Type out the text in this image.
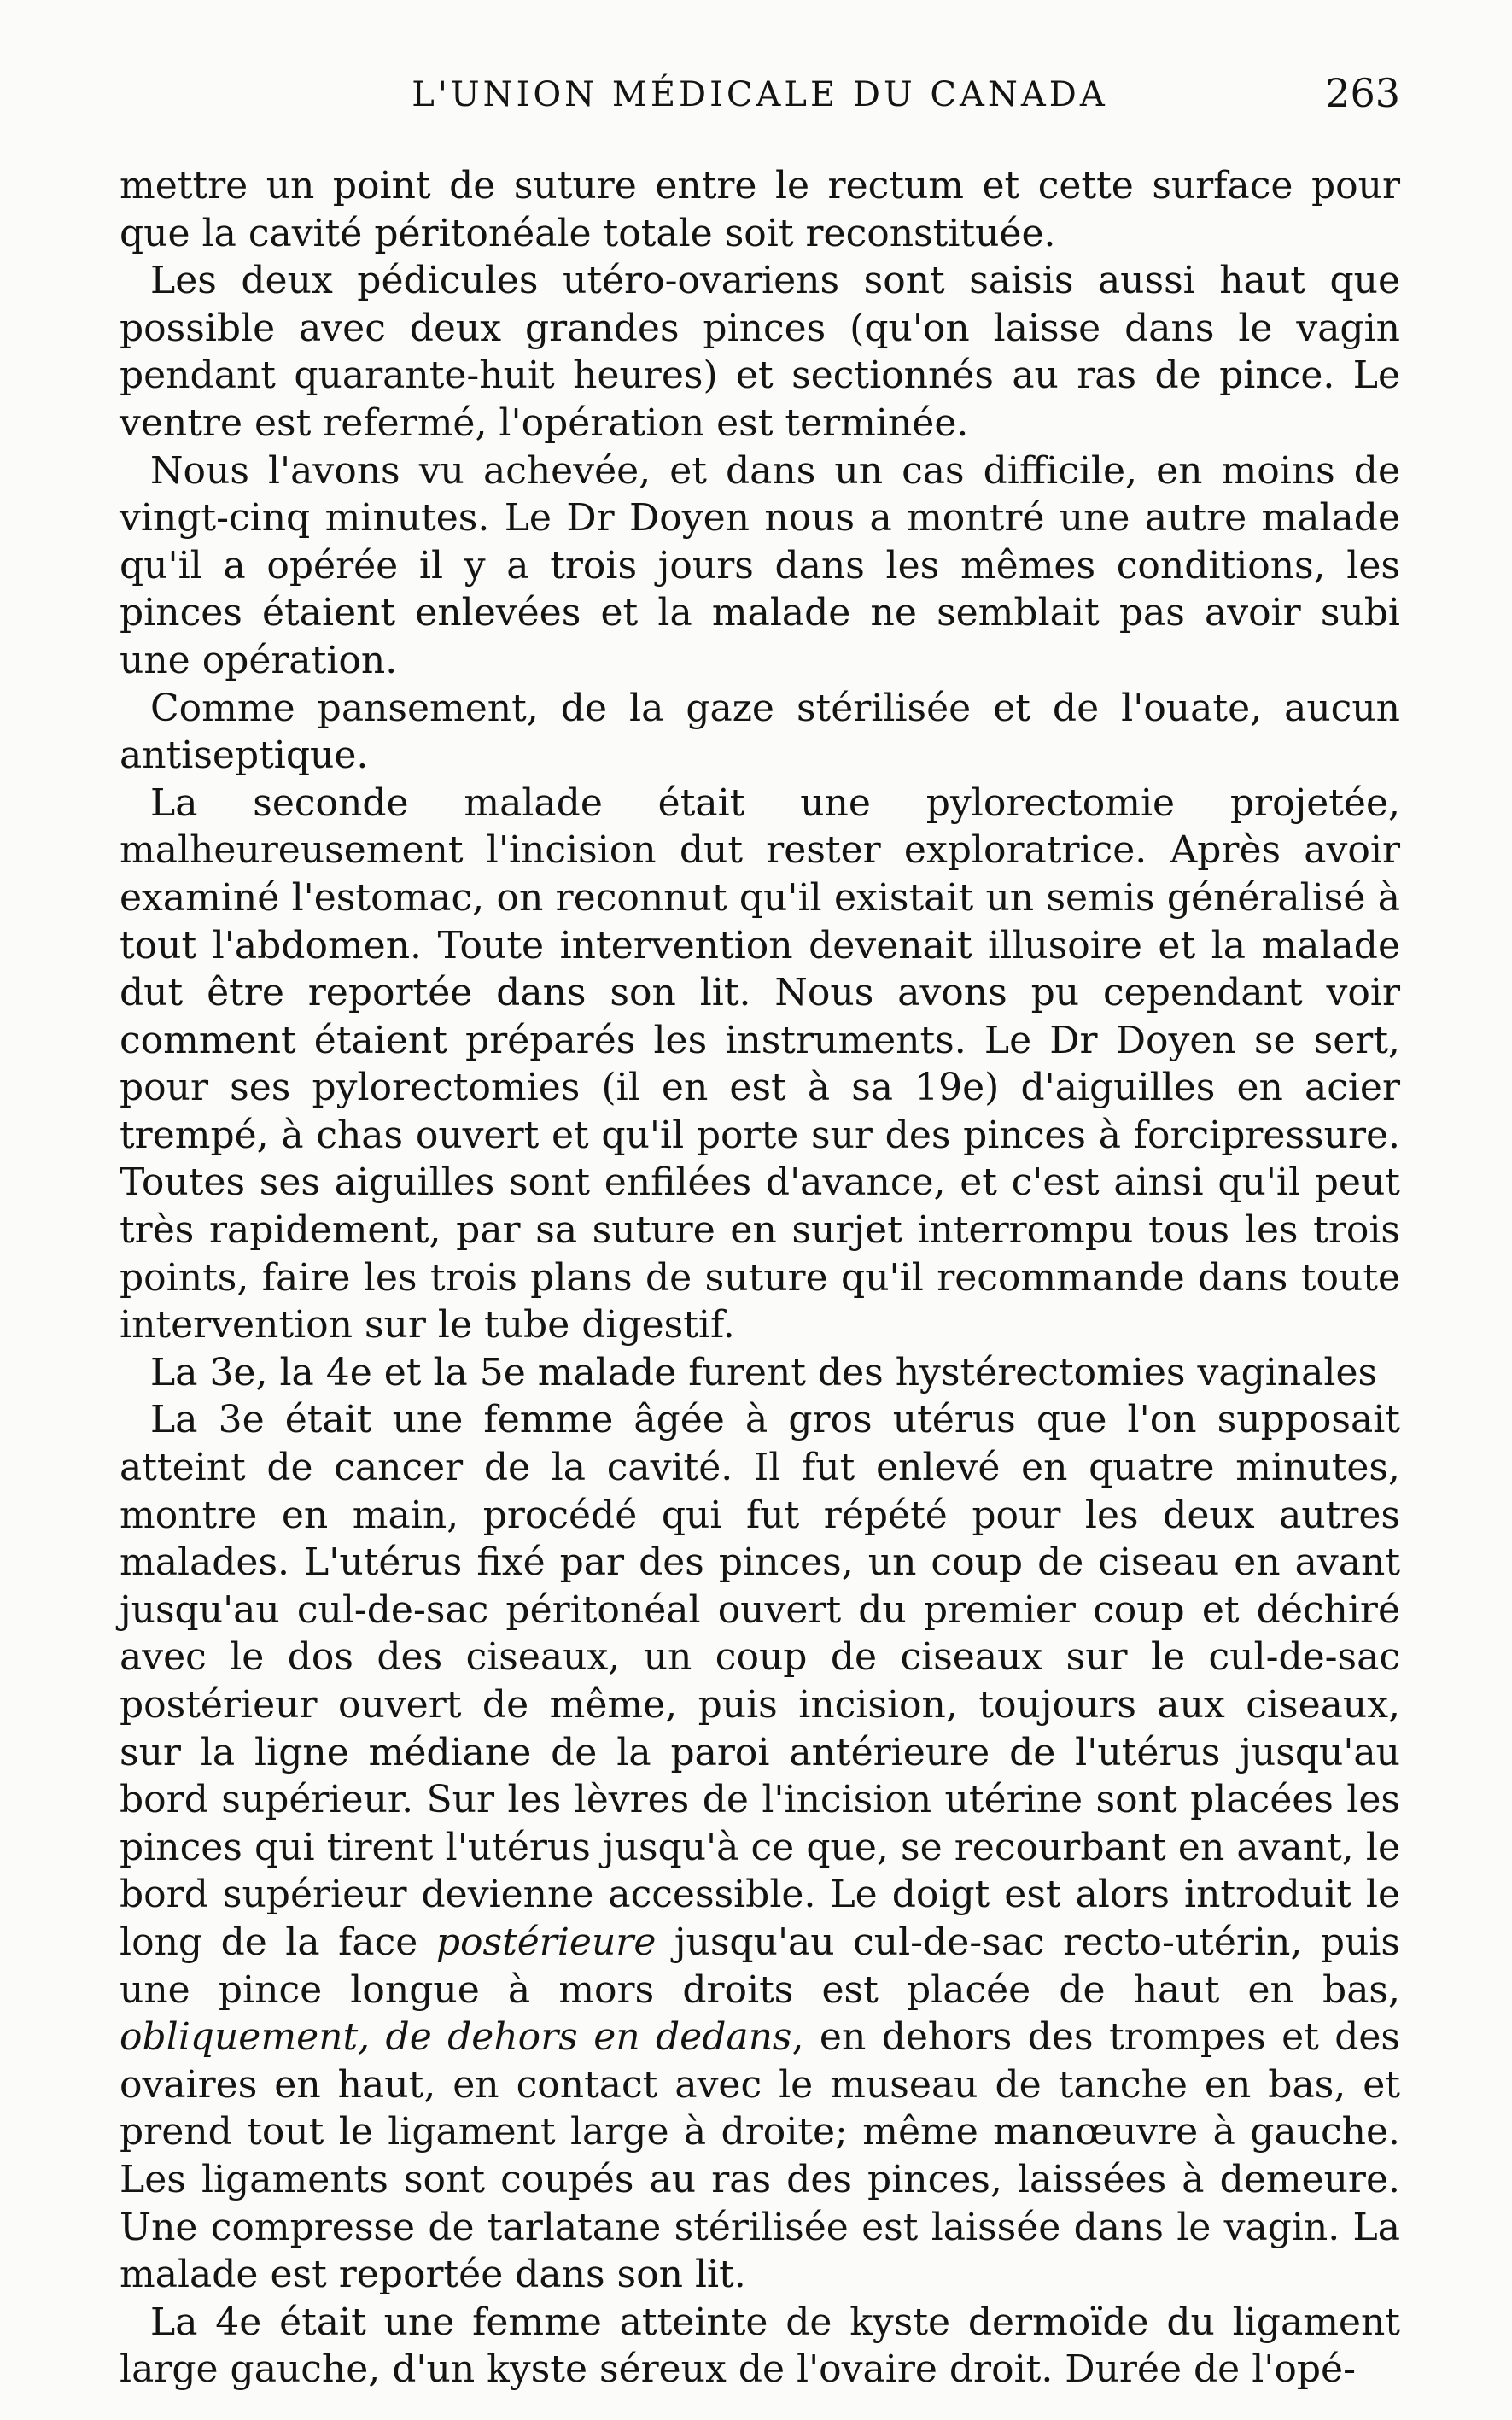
L'UNION MÉDICALE DU CANADA	263

mettre un point de suture entre le rectum et cette surface pour que la cavité péritonéale totale soit reconstituée.

Les deux pédicules utéro-ovariens sont saisis aussi haut que possible avec deux grandes pinces (qu'on laisse dans le vagin pendant quarante-huit heures) et sectionnés au ras de pince. Le ventre est refermé, l'opération est terminée.

Nous l'avons vu achevée, et dans un cas difficile, en moins de vingt-cinq minutes. Le Dr Doyen nous a montré une autre malade qu'il a opérée il y a trois jours dans les mêmes conditions, les pinces étaient enlevées et la malade ne semblait pas avoir subi une opération.

Comme pansement, de la gaze stérilisée et de l'ouate, aucun antiseptique.

La seconde malade était une pylorectomie projetée, malheureusement l'incision dut rester exploratrice. Après avoir examiné l'estomac, on reconnut qu'il existait un semis généralisé à tout l'abdomen. Toute intervention devenait illusoire et la malade dut être reportée dans son lit. Nous avons pu cependant voir comment étaient préparés les instruments. Le Dr Doyen se sert, pour ses pylorectomies (il en est à sa 19e) d'aiguilles en acier trempé, à chas ouvert et qu'il porte sur des pinces à forcipressure. Toutes ses aiguilles sont enfilées d'avance, et c'est ainsi qu'il peut très rapidement, par sa suture en surjet interrompu tous les trois points, faire les trois plans de suture qu'il recommande dans toute intervention sur le tube digestif.

La 3e, la 4e et la 5e malade furent des hystérectomies vaginales

La 3e était une femme âgée à gros utérus que l'on supposait atteint de cancer de la cavité. Il fut enlevé en quatre minutes, montre en main, procédé qui fut répété pour les deux autres malades. L'utérus fixé par des pinces, un coup de ciseau en avant jusqu'au cul-de-sac péritonéal ouvert du premier coup et déchiré avec le dos des ciseaux, un coup de ciseaux sur le cul-de-sac postérieur ouvert de même, puis incision, toujours aux ciseaux, sur la ligne médiane de la paroi antérieure de l'utérus jusqu'au bord supérieur. Sur les lèvres de l'incision utérine sont placées les pinces qui tirent l'utérus jusqu'à ce que, se recourbant en avant, le bord supérieur devienne accessible. Le doigt est alors introduit le long de la face postérieure jusqu'au cul-de-sac recto-utérin, puis une pince longue à mors droits est placée de haut en bas, obliquement, de dehors en dedans, en dehors des trompes et des ovaires en haut, en contact avec le museau de tanche en bas, et prend tout le ligament large à droite; même manœuvre à gauche. Les ligaments sont coupés au ras des pinces, laissées à demeure. Une compresse de tarlatane stérilisée est laissée dans le vagin. La malade est reportée dans son lit.

La 4e était une femme atteinte de kyste dermoïde du ligament large gauche, d'un kyste séreux de l'ovaire droit. Durée de l'opé-
